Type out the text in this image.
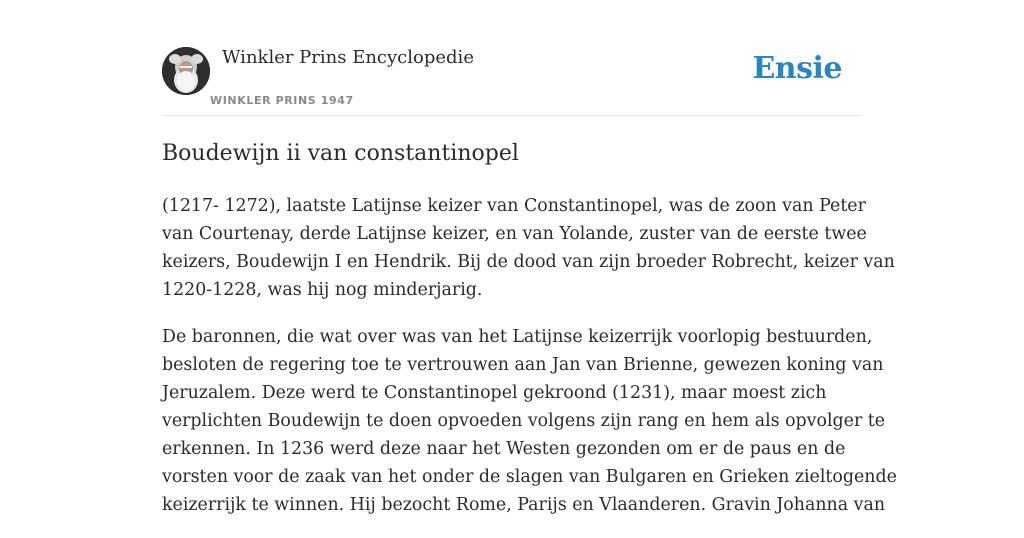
Winkler Prins Encyclopedie
WINKLER PRINS 1947
Ensie
Boudewijn ii van constantinopel

(1217- 1272), laatste Latijnse keizer van Constantinopel, was de zoon van Peter
van Courtenay, derde Latijnse keizer, en van Yolande, zuster van de eerste twee
keizers, Boudewijn I en Hendrik. Bij de dood van zijn broeder Robrecht, keizer van
1220-1228, was hij nog minderjarig.

De baronnen, die wat over was van het Latijnse keizerrijk voorlopig bestuurden,
besloten de regering toe te vertrouwen aan Jan van Brienne, gewezen koning van
Jeruzalem. Deze werd te Constantinopel gekroond (1231), maar moest zich
verplichten Boudewijn te doen opvoeden volgens zijn rang en hem als opvolger te
erkennen. In 1236 werd deze naar het Westen gezonden om er de paus en de
vorsten voor de zaak van het onder de slagen van Bulgaren en Grieken zieltogende
keizerrijk te winnen. Hij bezocht Rome, Parijs en Vlaanderen. Gravin Johanna van
